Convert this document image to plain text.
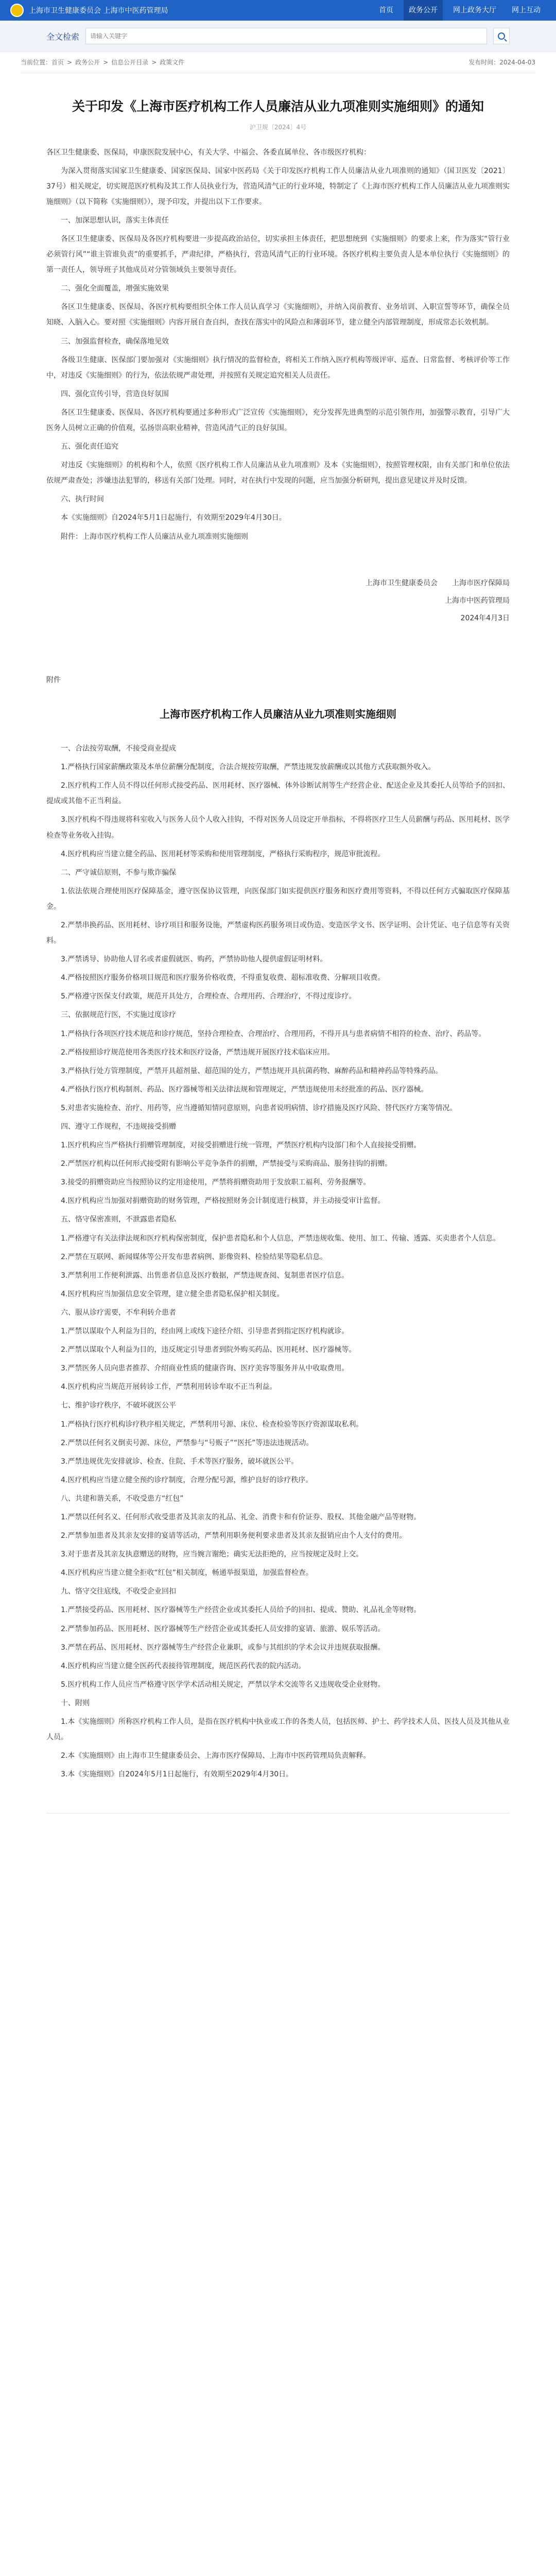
上海市卫生健康委员会 上海市中医药管理局	首页	政务公开	网上政务大厅	网上互动
全文检索
请输入关键字
当前位置： 首页 > 政务公开 > 信息公开目录 > 政策文件	发布时间：2024-04-03
关于印发《上海市医疗机构工作人员廉洁从业九项准则实施细则》的通知
沪卫规〔2024〕4号

各区卫生健康委、医保局，申康医院发展中心，有关大学、中福会、各委直属单位、各市级医疗机构：

为深入贯彻落实国家卫生健康委、国家医保局、国家中医药局《关于印发医疗机构工作人员廉洁从业九项准则的通知》（国卫医发〔2021〕37号）相关规定，切实规范医疗机构及其工作人员执业行为，营造风清气正的行业环境，特制定了《上海市医疗机构工作人员廉洁从业九项准则实施细则》（以下简称《实施细则》），现予印发，并提出以下工作要求。

一、加深思想认识，落实主体责任

各区卫生健康委、医保局及各医疗机构要进一步提高政治站位，切实承担主体责任，把思想统到《实施细则》的要求上来，作为落实“管行业必须管行风”“谁主管谁负责”的重要抓手，严肃纪律，严格执行，营造风清气正的行业环境。各医疗机构主要负责人是本单位执行《实施细则》的第一责任人，领导班子其他成员对分管领域负主要领导责任。

二、强化全面覆盖，增强实施效果

各区卫生健康委、医保局、各医疗机构要组织全体工作人员认真学习《实施细则》，并纳入岗前教育、业务培训、入职宣誓等环节，确保全员知晓、入脑入心。要对照《实施细则》内容开展自查自纠，查找在落实中的风险点和薄弱环节，建立健全内部管理制度，形成常态长效机制。

三、加强监督检查，确保落地见效

各级卫生健康、医保部门要加强对《实施细则》执行情况的监督检查，将相关工作纳入医疗机构等级评审、巡查、日常监督、考核评价等工作中，对违反《实施细则》的行为，依法依规严肃处理，并按照有关规定追究相关人员责任。

四、强化宣传引导，营造良好氛围

各区卫生健康委、医保局、各医疗机构要通过多种形式广泛宣传《实施细则》，充分发挥先进典型的示范引领作用，加强警示教育，引导广大医务人员树立正确的价值观，弘扬崇高职业精神，营造风清气正的良好氛围。

五、强化责任追究

对违反《实施细则》的机构和个人，依照《医疗机构工作人员廉洁从业九项准则》及本《实施细则》，按照管理权限，由有关部门和单位依法依规严肃查处；涉嫌违法犯罪的，移送有关部门处理。同时，对在执行中发现的问题，应当加强分析研判，提出意见建议并及时反馈。

六、执行时间

本《实施细则》自2024年5月1日起施行，有效期至2029年4月30日。

附件：上海市医疗机构工作人员廉洁从业九项准则实施细则

上海市卫生健康委员会　　上海市医疗保障局

上海市中医药管理局

2024年4月3日

附件

上海市医疗机构工作人员廉洁从业九项准则实施细则

一、合法按劳取酬，不接受商业提成

1.严格执行国家薪酬政策及本单位薪酬分配制度，合法合规按劳取酬，严禁违规发放薪酬或以其他方式获取额外收入。

2.医疗机构工作人员不得以任何形式接受药品、医用耗材、医疗器械、体外诊断试剂等生产经营企业、配送企业及其委托人员等给予的回扣、提成或其他不正当利益。

3.医疗机构不得违规将科室收入与医务人员个人收入挂钩，不得对医务人员设定开单指标，不得将医疗卫生人员薪酬与药品、医用耗材、医学检查等业务收入挂钩。

4.医疗机构应当建立健全药品、医用耗材等采购和使用管理制度，严格执行采购程序，规范审批流程。

二、严守诚信原则，不参与欺诈骗保

1.依法依规合理使用医疗保障基金，遵守医保协议管理，向医保部门如实提供医疗服务和医疗费用等资料，不得以任何方式骗取医疗保障基金。

2.严禁串换药品、医用耗材、诊疗项目和服务设施，严禁虚构医药服务项目或伪造、变造医学文书、医学证明、会计凭证、电子信息等有关资料。

3.严禁诱导、协助他人冒名或者虚假就医、购药，严禁协助他人提供虚假证明材料。

4.严格按照医疗服务价格项目规范和医疗服务价格收费，不得重复收费、超标准收费、分解项目收费。

5.严格遵守医保支付政策，规范开具处方，合理检查、合理用药、合理治疗，不得过度诊疗。

三、依据规范行医，不实施过度诊疗

1.严格执行各项医疗技术规范和诊疗规范，坚持合理检查、合理治疗、合理用药，不得开具与患者病情不相符的检查、治疗、药品等。

2.严格按照诊疗规范使用各类医疗技术和医疗设备，严禁违规开展医疗技术临床应用。

3.严格执行处方管理制度，严禁开具超剂量、超范围的处方，严禁违规开具抗菌药物、麻醉药品和精神药品等特殊药品。

4.严格执行医疗机构制剂、药品、医疗器械等相关法律法规和管理规定，严禁违规使用未经批准的药品、医疗器械。

5.对患者实施检查、治疗、用药等，应当遵循知情同意原则，向患者说明病情、诊疗措施及医疗风险、替代医疗方案等情况。

四、遵守工作规程，不违规接受捐赠

1.医疗机构应当严格执行捐赠管理制度，对接受捐赠进行统一管理，严禁医疗机构内设部门和个人直接接受捐赠。

2.严禁医疗机构以任何形式接受附有影响公平竞争条件的捐赠，严禁接受与采购商品、服务挂钩的捐赠。

3.接受的捐赠资助应当按照协议约定用途使用，严禁将捐赠资助用于发放职工福利、劳务报酬等。

4.医疗机构应当加强对捐赠资助的财务管理，严格按照财务会计制度进行核算，并主动接受审计监督。

五、恪守保密准则，不泄露患者隐私

1.严格遵守有关法律法规和医疗机构保密制度，保护患者隐私和个人信息，严禁违规收集、使用、加工、传输、透露、买卖患者个人信息。

2.严禁在互联网、新闻媒体等公开发布患者病例、影像资料、检验结果等隐私信息。

3.严禁利用工作便利泄露、出售患者信息及医疗数据，严禁违规查阅、复制患者医疗信息。

4.医疗机构应当加强信息安全管理，建立健全患者隐私保护相关制度。

六、服从诊疗需要，不牟利转介患者

1.严禁以谋取个人利益为目的，经由网上或线下途径介绍、引导患者到指定医疗机构就诊。

2.严禁以谋取个人利益为目的，违反规定引导患者到院外购买药品、医用耗材、医疗器械等。

3.严禁医务人员向患者推荐、介绍商业性质的健康咨询、医疗美容等服务并从中收取费用。

4.医疗机构应当规范开展转诊工作，严禁利用转诊牟取不正当利益。

七、维护诊疗秩序，不破坏就医公平

1.严格执行医疗机构诊疗秩序相关规定，严禁利用号源、床位、检查检验等医疗资源谋取私利。

2.严禁以任何名义倒卖号源、床位，严禁参与“号贩子”“医托”等违法违规活动。

3.严禁违规优先安排就诊、检查、住院、手术等医疗服务，破坏就医公平。

4.医疗机构应当建立健全预约诊疗制度，合理分配号源，维护良好的诊疗秩序。

八、共建和谐关系，不收受患方“红包”

1.严禁以任何名义、任何形式收受患者及其亲友的礼品、礼金、消费卡和有价证券、股权、其他金融产品等财物。

2.严禁参加患者及其亲友安排的宴请等活动，严禁利用职务便利要求患者及其亲友报销应由个人支付的费用。

3.对于患者及其亲友执意赠送的财物，应当婉言谢绝；确实无法拒绝的，应当按规定及时上交。

4.医疗机构应当建立健全拒收“红包”相关制度，畅通举报渠道，加强监督检查。

九、恪守交往底线，不收受企业回扣

1.严禁接受药品、医用耗材、医疗器械等生产经营企业或其委托人员给予的回扣、提成、赞助、礼品礼金等财物。

2.严禁参加药品、医用耗材、医疗器械等生产经营企业或其委托人员安排的宴请、旅游、娱乐等活动。

3.严禁在药品、医用耗材、医疗器械等生产经营企业兼职，或参与其组织的学术会议并违规获取报酬。

4.医疗机构应当建立健全医药代表接待管理制度，规范医药代表的院内活动。

5.医疗机构工作人员应当严格遵守医学学术活动相关规定，严禁以学术交流等名义违规收受企业财物。

十、附则

1.本《实施细则》所称医疗机构工作人员，是指在医疗机构中执业或工作的各类人员，包括医师、护士、药学技术人员、医技人员及其他从业人员。

2.本《实施细则》由上海市卫生健康委员会、上海市医疗保障局、上海市中医药管理局负责解释。

3.本《实施细则》自2024年5月1日起施行，有效期至2029年4月30日。
